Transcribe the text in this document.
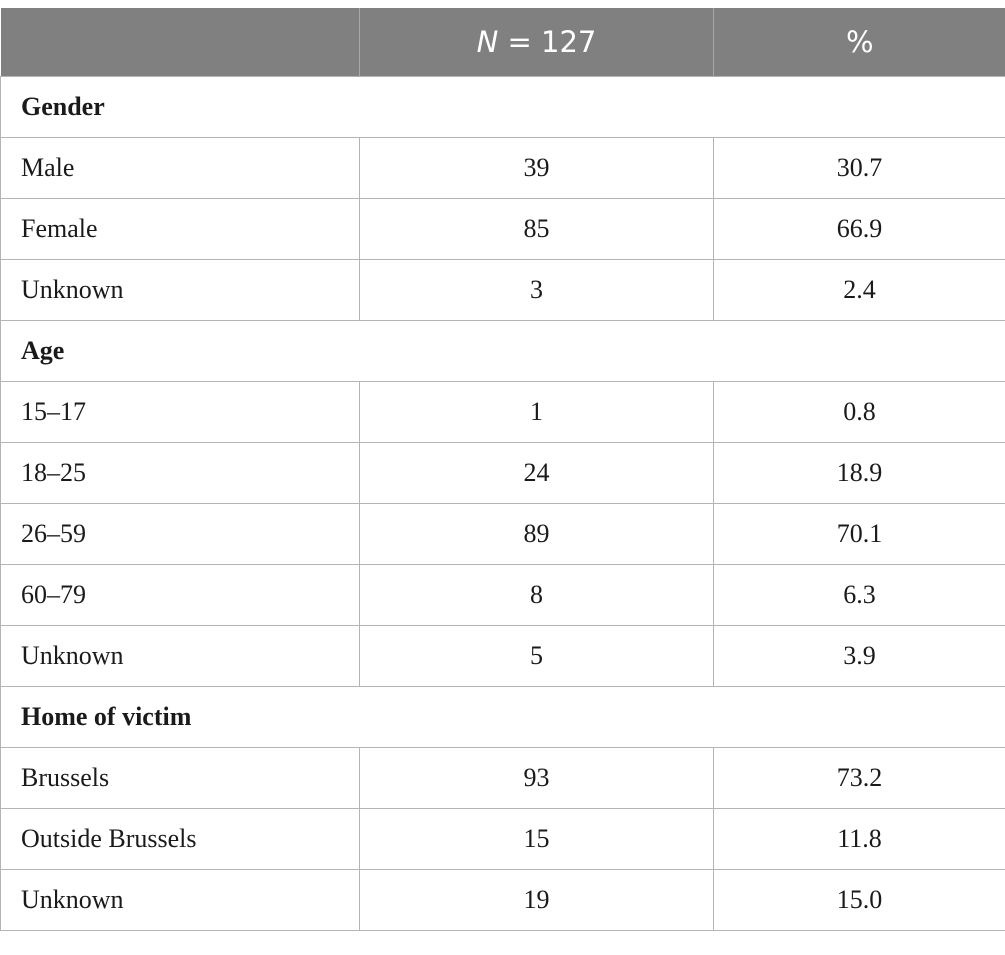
	N = 127	%
Gender		
Male	39	30.7
Female	85	66.9
Unknown	3	2.4
Age		
15–17	1	0.8
18–25	24	18.9
26–59	89	70.1
60–79	8	6.3
Unknown	5	3.9
Home of victim		
Brussels	93	73.2
Outside Brussels	15	11.8
Unknown	19	15.0
